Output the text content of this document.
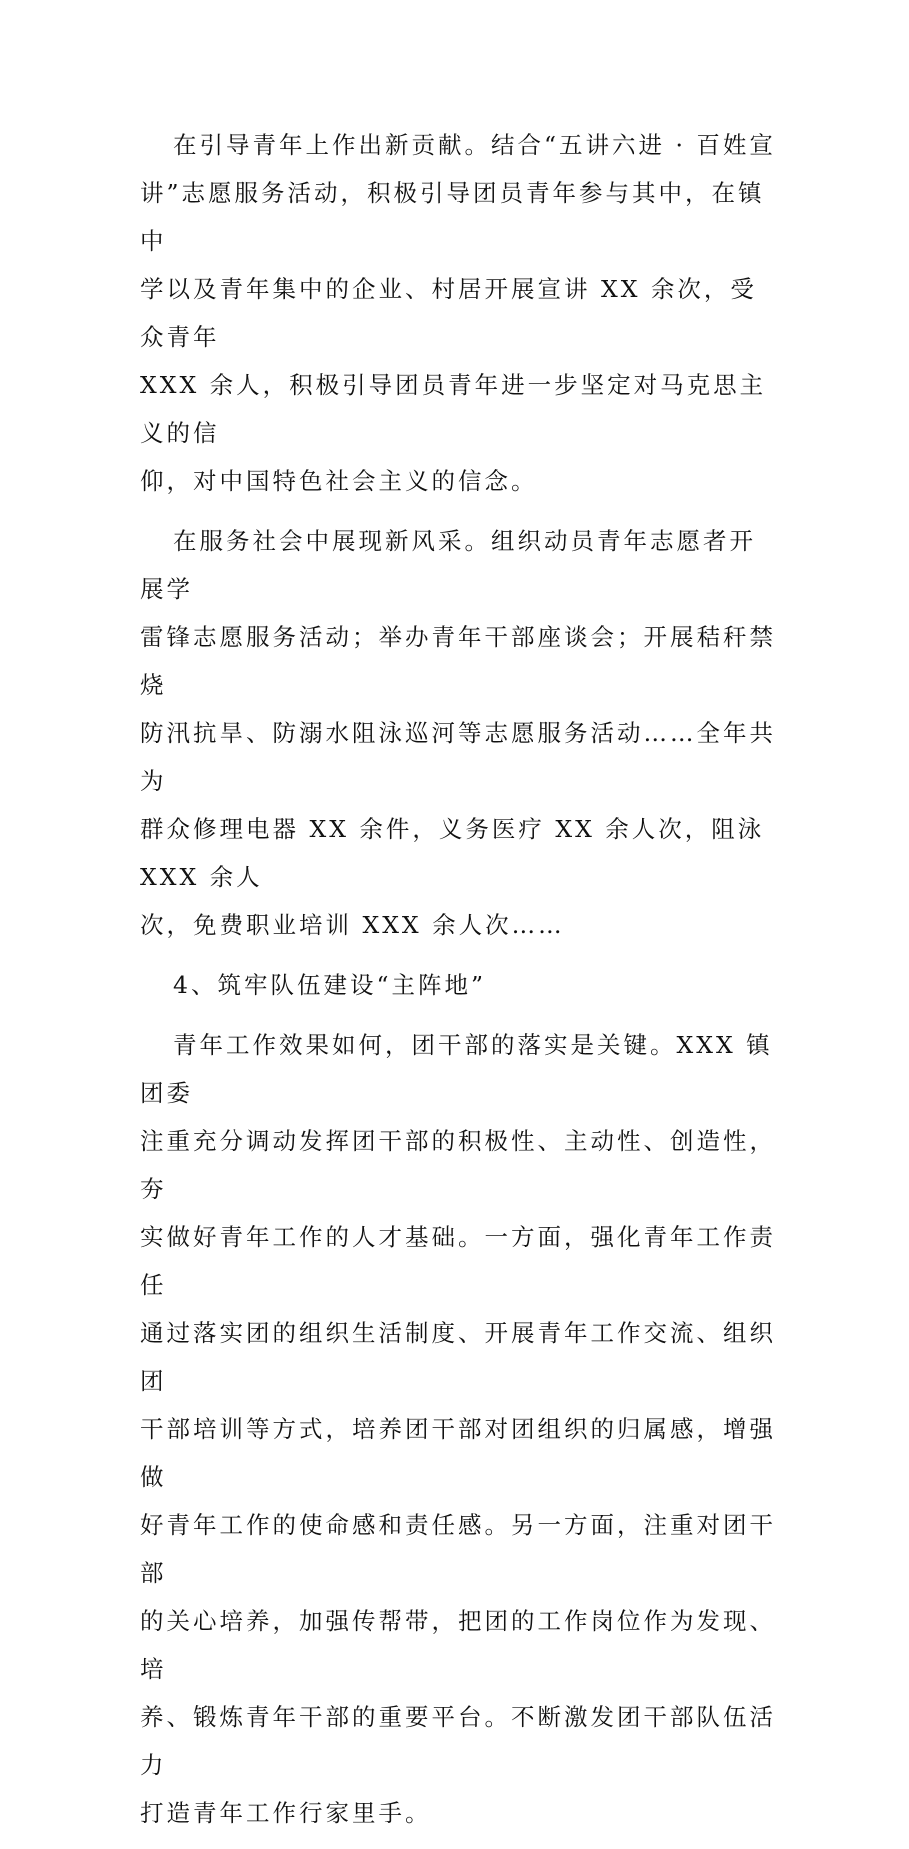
在引导青年上作出新贡献。结合“五讲六进 · 百姓宣
讲”志愿服务活动，积极引导团员青年参与其中，在镇中
学以及青年集中的企业、村居开展宣讲 XX 余次，受众青年
XXX 余人，积极引导团员青年进一步坚定对马克思主义的信
仰，对中国特色社会主义的信念。

在服务社会中展现新风采。组织动员青年志愿者开展学
雷锋志愿服务活动；举办青年干部座谈会；开展秸秆禁烧
防汛抗旱、防溺水阻泳巡河等志愿服务活动……全年共为
群众修理电器 XX 余件，义务医疗 XX 余人次，阻泳 XXX 余人
次，免费职业培训 XXX 余人次……

4、筑牢队伍建设“主阵地”

青年工作效果如何，团干部的落实是关键。XXX 镇团委
注重充分调动发挥团干部的积极性、主动性、创造性，夯
实做好青年工作的人才基础。一方面，强化青年工作责任
通过落实团的组织生活制度、开展青年工作交流、组织团
干部培训等方式，培养团干部对团组织的归属感，增强做
好青年工作的使命感和责任感。另一方面，注重对团干部
的关心培养，加强传帮带，把团的工作岗位作为发现、培
养、锻炼青年干部的重要平台。不断激发团干部队伍活力
打造青年工作行家里手。
